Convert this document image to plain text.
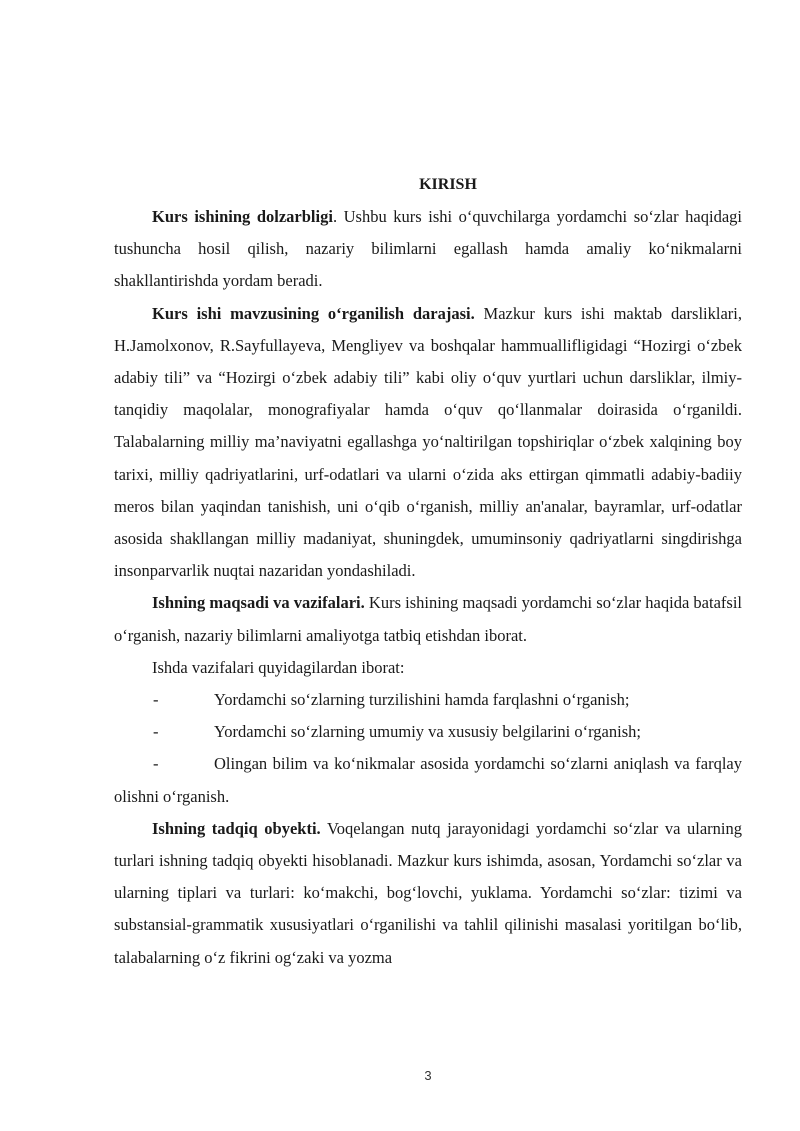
KIRISH

Kurs ishining dolzarbligi. Ushbu kurs ishi o‘quvchilarga yordamchi so‘zlar haqidagi tushuncha hosil qilish, nazariy bilimlarni egallash hamda amaliy ko‘nikmalarni shakllantirishda yordam beradi.

Kurs ishi mavzusining o‘rganilish darajasi. Mazkur kurs ishi maktab darsliklari, H.Jamolxonov, R.Sayfullayeva, Mengliyev va boshqalar hammuallifligidagi “Hozirgi o‘zbek adabiy tili” va “Hozirgi o‘zbek adabiy tili” kabi oliy o‘quv yurtlari uchun darsliklar, ilmiy-tanqidiy maqolalar, monografiyalar hamda o‘quv qo‘llanmalar doirasida o‘rganildi. Talabalarning milliy ma’naviyatni egallashga yo‘naltirilgan topshiriqlar o‘zbek xalqining boy tarixi, milliy qadriyatlarini, urf-odatlari va ularni o‘zida aks ettirgan qimmatli adabiy-badiiy meros bilan yaqindan tanishish, uni o‘qib o‘rganish, milliy an'analar, bayramlar, urf-odatlar asosida shakllangan milliy madaniyat, shuningdek, umuminsoniy qadriyatlarni singdirishga insonparvarlik nuqtai nazaridan yondashiladi.

Ishning maqsadi va vazifalari. Kurs ishining maqsadi yordamchi so‘zlar haqida batafsil o‘rganish, nazariy bilimlarni amaliyotga tatbiq etishdan iborat.

Ishda vazifalari quyidagilardan iborat:

-	Yordamchi so‘zlarning turzilishini hamda farqlashni o‘rganish;

-	Yordamchi so‘zlarning umumiy va xususiy belgilarini o‘rganish;

-	Olingan bilim va ko‘nikmalar asosida yordamchi so‘zlarni aniqlash va farqlay olishni o‘rganish.

Ishning tadqiq obyekti. Voqelangan nutq jarayonidagi yordamchi so‘zlar va ularning turlari ishning tadqiq obyekti hisoblanadi. Mazkur kurs ishimda, asosan, Yordamchi so‘zlar va ularning tiplari va turlari: ko‘makchi, bog‘lovchi, yuklama. Yordamchi so‘zlar: tizimi va substansial-grammatik xususiyatlari o‘rganilishi va tahlil qilinishi masalasi yoritilgan bo‘lib, talabalarning o‘z fikrini og‘zaki va yozma

3
